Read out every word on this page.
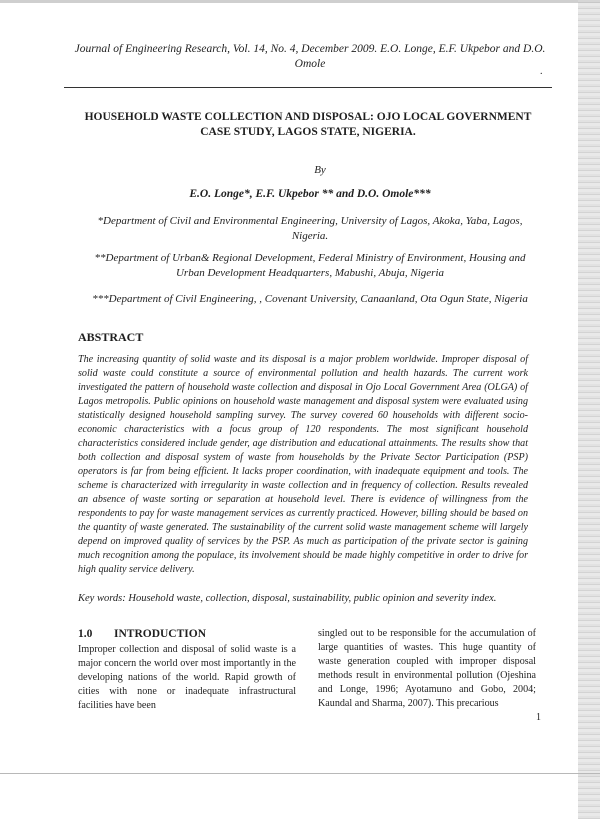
Journal of Engineering Research, Vol. 14, No. 4, December 2009. E.O. Longe, E.F. Ukpebor and D.O. Omole
.
HOUSEHOLD WASTE COLLECTION AND DISPOSAL: OJO LOCAL GOVERNMENT CASE STUDY, LAGOS STATE, NIGERIA.
By
E.O. Longe*, E.F. Ukpebor ** and D.O. Omole***
*Department of Civil and Environmental Engineering, University of Lagos, Akoka, Yaba, Lagos, Nigeria.
**Department of Urban& Regional Development, Federal Ministry of Environment, Housing and Urban Development Headquarters, Mabushi, Abuja, Nigeria
***Department of Civil Engineering, , Covenant University, Canaanland, Ota Ogun State, Nigeria
ABSTRACT
The increasing quantity of solid waste and its disposal is a major problem worldwide. Improper disposal of solid waste could constitute a source of environmental pollution and health hazards. The current work investigated the pattern of household waste collection and disposal in Ojo Local Government Area (OLGA) of Lagos metropolis. Public opinions on household waste management and disposal system were evaluated using statistically designed household sampling survey. The survey covered 60 households with different socio-economic characteristics with a focus group of 120 respondents. The most significant household characteristics considered include gender, age distribution and educational attainments. The results show that both collection and disposal system of waste from households by the Private Sector Participation (PSP) operators is far from being efficient. It lacks proper coordination, with inadequate equipment and tools. The scheme is characterized with irregularity in waste collection and in frequency of collection. Results revealed an absence of waste sorting or separation at household level. There is evidence of willingness from the respondents to pay for waste management services as currently practiced. However, billing should be based on the quantity of waste generated. The sustainability of the current solid waste management scheme will largely depend on improved quality of services by the PSP. As much as participation of the private sector is gaining much recognition among the populace, its involvement should be made highly competitive in order to drive for high quality service delivery.
Key words: Household waste, collection, disposal, sustainability, public opinion and severity index.
1.0 INTRODUCTION
Improper collection and disposal of solid waste is a major concern the world over most importantly in the developing nations of the world. Rapid growth of cities with none or inadequate infrastructural facilities have been
singled out to be responsible for the accumulation of large quantities of wastes. This huge quantity of waste generation coupled with improper disposal methods result in environmental pollution (Ojeshina and Longe, 1996; Ayotamuno and Gobo, 2004; Kaundal and Sharma, 2007). This precarious
1
